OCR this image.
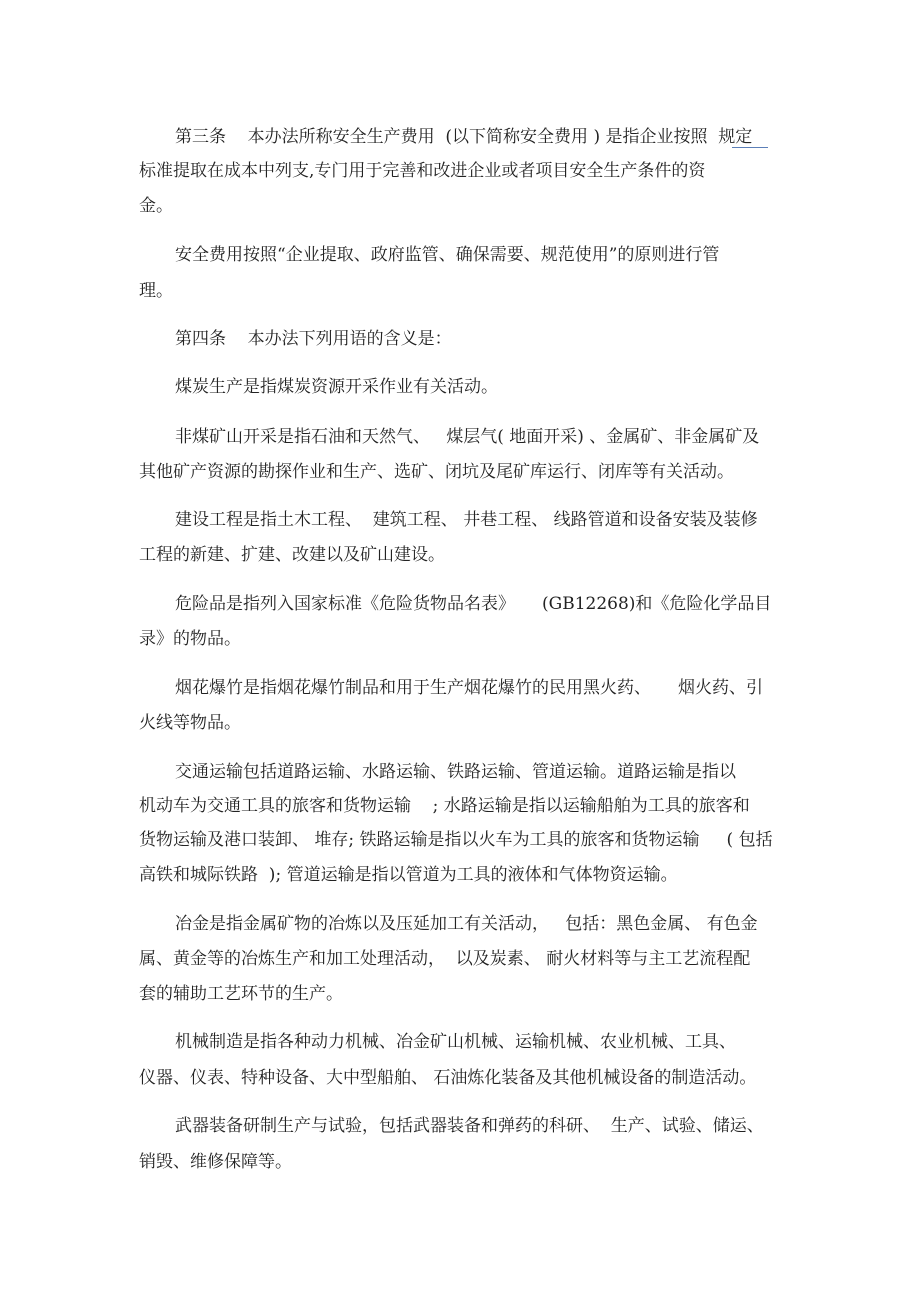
第三条    本办法所称安全生产费用  (以下简称安全费用 ) 是指企业按照  规定
标准提取在成本中列支,专门用于完善和改进企业或者项目安全生产条件的资
金。
安全费用按照“企业提取、政府监管、确保需要、规范使用”的原则进行管
理。
第四条    本办法下列用语的含义是：
煤炭生产是指煤炭资源开采作业有关活动。
非煤矿山开采是指石油和天然气、   煤层气( 地面开采) 、金属矿、非金属矿及
其他矿产资源的勘探作业和生产、选矿、闭坑及尾矿库运行、闭库等有关活动。
建设工程是指土木工程、  建筑工程、 井巷工程、 线路管道和设备安装及装修
工程的新建、扩建、改建以及矿山建设。
危险品是指列入国家标准《危险货物品名表》     (GB12268)和《危险化学品目
录》的物品。
烟花爆竹是指烟花爆竹制品和用于生产烟花爆竹的民用黑火药、     烟火药、引
火线等物品。
交通运输包括道路运输、水路运输、铁路运输、管道运输。道路运输是指以
机动车为交通工具的旅客和货物运输    ; 水路运输是指以运输船舶为工具的旅客和
货物运输及港口装卸、 堆存; 铁路运输是指以火车为工具的旅客和货物运输     ( 包括
高铁和城际铁路  ); 管道运输是指以管道为工具的液体和气体物资运输。
冶金是指金属矿物的冶炼以及压延加工有关活动，   包括：黑色金属、 有色金
属、黄金等的冶炼生产和加工处理活动，  以及炭素、 耐火材料等与主工艺流程配
套的辅助工艺环节的生产。
机械制造是指各种动力机械、冶金矿山机械、运输机械、农业机械、工具、
仪器、仪表、特种设备、大中型船舶、 石油炼化装备及其他机械设备的制造活动。
武器装备研制生产与试验，包括武器装备和弹药的科研、  生产、试验、储运、
销毁、维修保障等。
